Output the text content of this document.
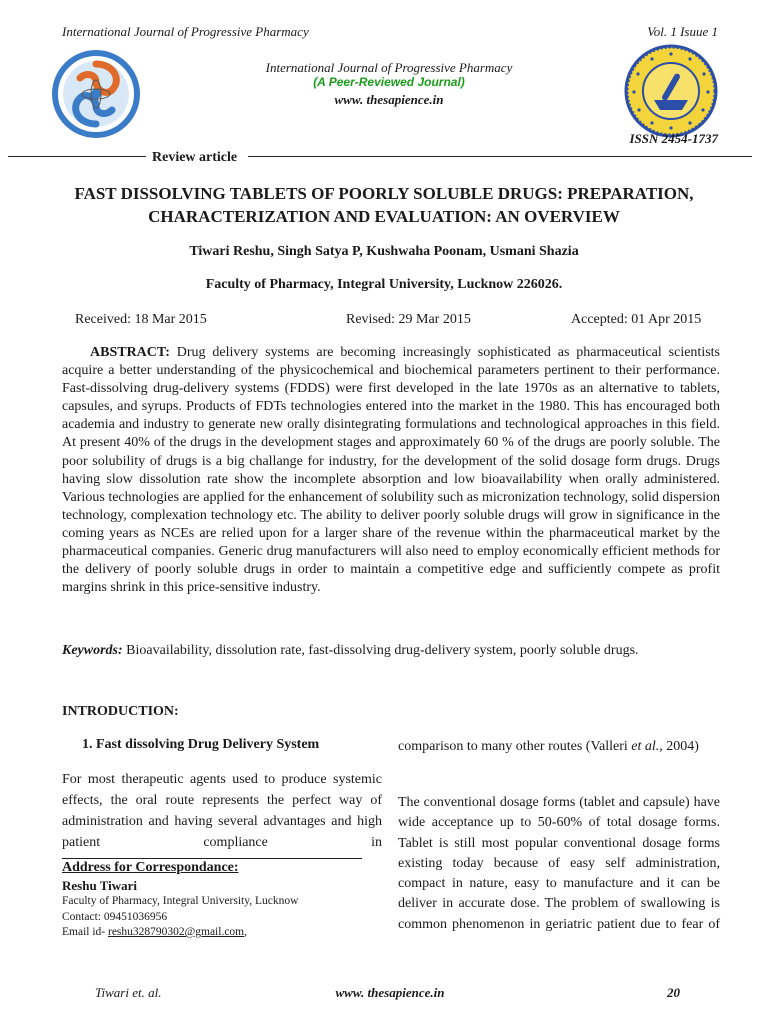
International Journal of Progressive Pharmacy	Vol. 1 Isuue 1
International Journal of Progressive Pharmacy
(A Peer-Reviewed Journal)
www. thesapience.in
ISSN 2454-1737
Review article
FAST DISSOLVING TABLETS OF POORLY SOLUBLE DRUGS: PREPARATION,
CHARACTERIZATION AND EVALUATION: AN OVERVIEW
Tiwari Reshu, Singh Satya P, Kushwaha Poonam, Usmani Shazia
Faculty of Pharmacy, Integral University, Lucknow 226026.
Received: 18 Mar 2015	Revised: 29 Mar 2015	Accepted: 01 Apr 2015
ABSTRACT: Drug delivery systems are becoming increasingly sophisticated as pharmaceutical scientists acquire a better understanding of the physicochemical and biochemical parameters pertinent to their performance. Fast-dissolving drug-delivery systems (FDDS) were first developed in the late 1970s as an alternative to tablets, capsules, and syrups. Products of FDTs technologies entered into the market in the 1980. This has encouraged both academia and industry to generate new orally disintegrating formulations and technological approaches in this field. At present 40% of the drugs in the development stages and approximately 60 % of the drugs are poorly soluble. The poor solubility of drugs is a big challange for industry, for the development of the solid dosage form drugs. Drugs having slow dissolution rate show the incomplete absorption and low bioavailability when orally administered. Various technologies are applied for the enhancement of solubility such as micronization technology, solid dispersion technology, complexation technology etc. The ability to deliver poorly soluble drugs will grow in significance in the coming years as NCEs are relied upon for a larger share of the revenue within the pharmaceutical market by the pharmaceutical companies. Generic drug manufacturers will also need to employ economically efficient methods for the delivery of poorly soluble drugs in order to maintain a competitive edge and sufficiently compete as profit margins shrink in this price-sensitive industry.
Keywords: Bioavailability, dissolution rate, fast-dissolving drug-delivery system, poorly soluble drugs.
INTRODUCTION:
1. Fast dissolving Drug Delivery System
For most therapeutic agents used to produce systemic effects, the oral route represents the perfect way of administration and having several advantages and high patient compliance in
Address for Correspondance:
Reshu Tiwari
Faculty of Pharmacy, Integral University, Lucknow
Contact: 09451036956
Email id- reshu328790302@gmail.com,
comparison to many other routes (Valleri et al., 2004)
The conventional dosage forms (tablet and capsule) have wide acceptance up to 50-60% of total dosage forms. Tablet is still most popular conventional dosage forms existing today because of easy self administration, compact in nature, easy to manufacture and it can be deliver in accurate dose. The problem of swallowing is common phenomenon in geriatric patient due to fear of
Tiwari et. al.	www. thesapience.in	20
